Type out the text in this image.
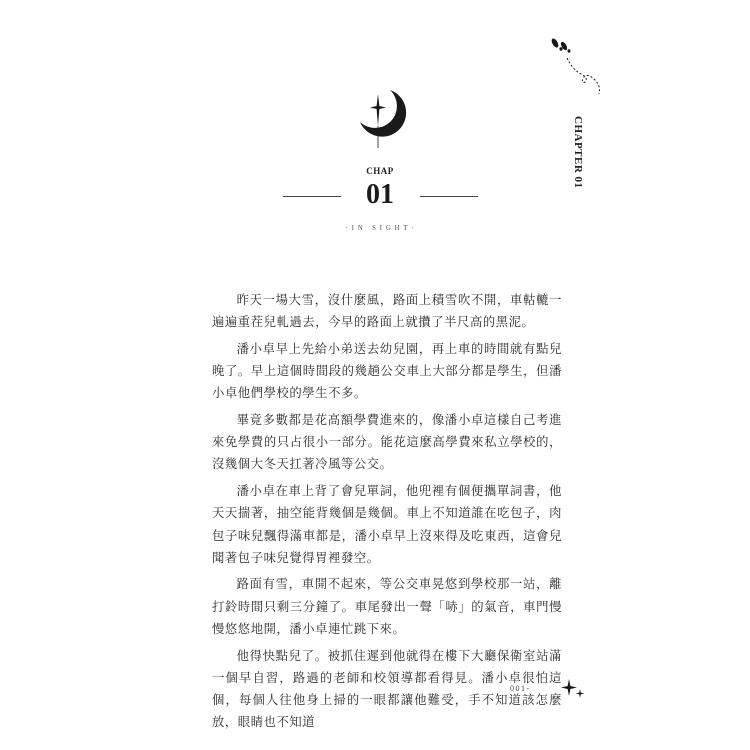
CHAPTER 01
CHAP
01
· I N   S I G H T ·

昨天一場大雪，沒什麼風，路面上積雪吹不開，車軲轆一遍遍重茬兒軋過去，今早的路面上就攢了半尺高的黑泥。

潘小卓早上先給小弟送去幼兒園，再上車的時間就有點兒晚了。早上這個時間段的幾趟公交車上大部分都是學生，但潘小卓他們學校的學生不多。

畢竟多數都是花高額學費進來的，像潘小卓這樣自己考進來免學費的只占很小一部分。能花這麼高學費來私立學校的，沒幾個大冬天扛著冷風等公交。

潘小卓在車上背了會兒單詞，他兜裡有個便攜單詞書，他天天揣著，抽空能背幾個是幾個。車上不知道誰在吃包子，肉包子味兒飄得滿車都是，潘小卓早上沒來得及吃東西，這會兒聞著包子味兒覺得胃裡發空。

路面有雪，車開不起來，等公交車晃悠到學校那一站，離打鈴時間只剩三分鐘了。車尾發出一聲「哧」的氣音，車門慢慢悠悠地開，潘小卓連忙跳下來。

他得快點兒了。被抓住遲到他就得在樓下大廳保衛室站滿一個早自習，路過的老師和校領導都看得見。潘小卓很怕這個，每個人往他身上掃的一眼都讓他難受，手不知道該怎麼放，眼睛也不知道

001-
